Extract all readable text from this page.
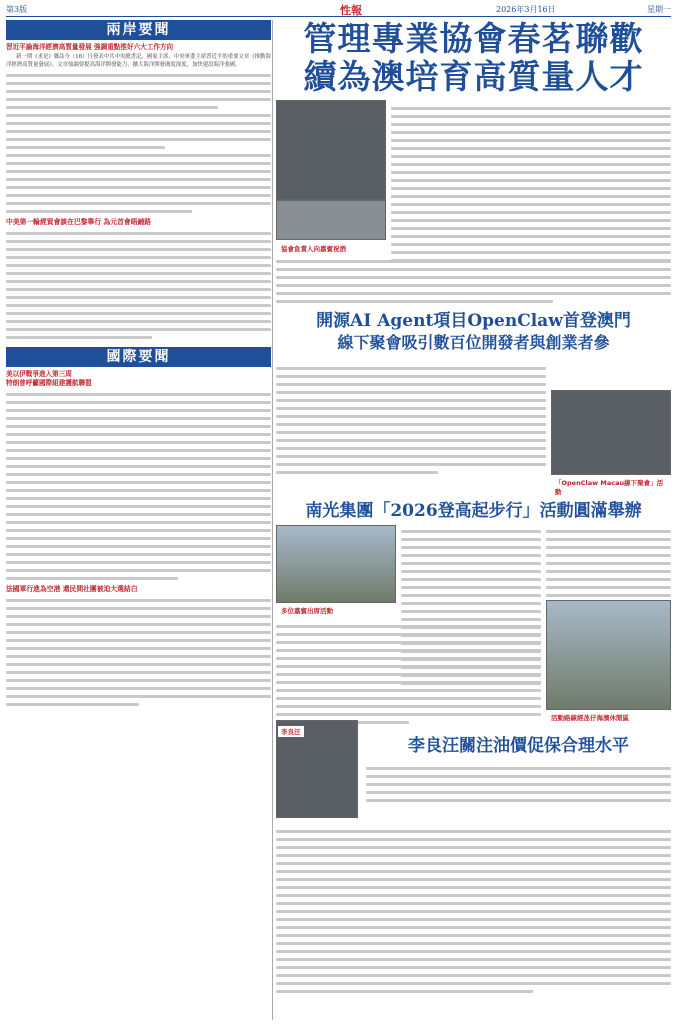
第3版	性報	2026年3月16日	星期一
兩岸要聞
習近平論海洋經濟高質量發展 強調重點推好六大工作方向
新一期《求是》雜誌今（16）日發表中共中央總書記、國家主席、中央軍委主席習近平的重要文章《推動海洋經濟高質量發展》。文章強調要提高海洋開發能力，擴大海洋開發廣度深度，加快建設海洋強國。
中美第一輪經貿會談在巴黎舉行 為元首會晤鋪路
國際要聞
美以伊戰爭進入第三周
特朗普呼籲國際組建護航聯盟
法國軍行進為空港 還民間社團被迫大選結白
管理專業協會春茗聯歡
續為澳培育高質量人才
協會負責人向嘉賓祝酒
開源AI Agent項目OpenClaw首登澳門
線下聚會吸引數百位開發者與創業者參
「OpenClaw Macau線下聚會」活動
南光集團「2026登高起步行」活動圓滿舉辦
多位嘉賓出席活動
活動路線經氹仔海濱休閒區
李良汪
李良汪關注油價促保合理水平
